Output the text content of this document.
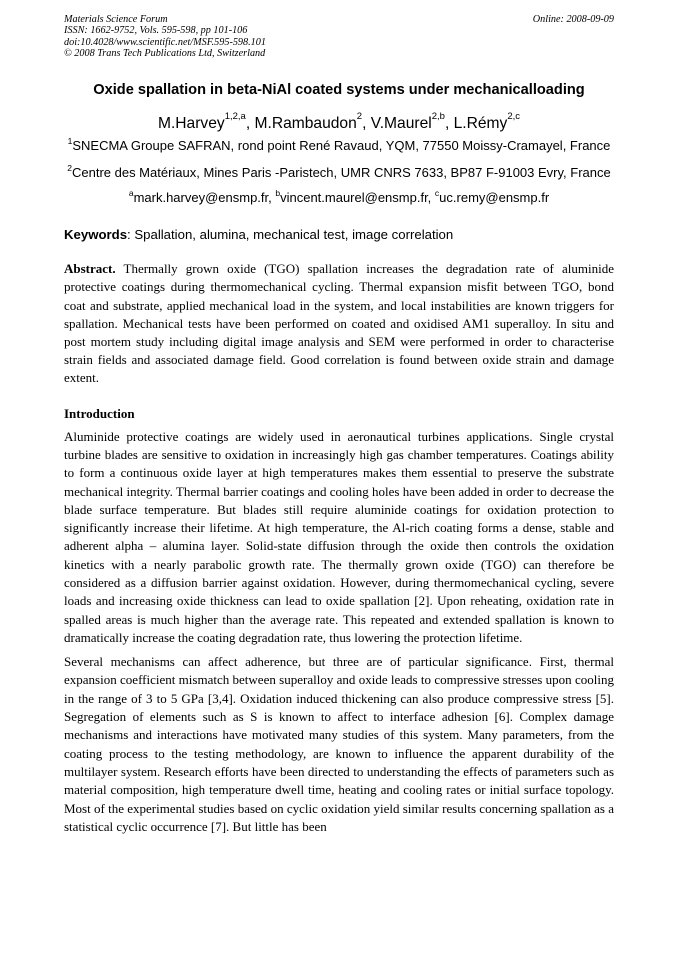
Materials Science Forum
ISSN: 1662-9752, Vols. 595-598, pp 101-106
doi:10.4028/www.scientific.net/MSF.595-598.101
© 2008 Trans Tech Publications Ltd, Switzerland
Online: 2008-09-09
Oxide spallation in beta-NiAl coated systems under mechanicalloading
M.Harvey$^{1,2,a}$, M.Rambaudon$^2$, V.Maurel$^{2,b}$, L.Rémy$^{2,c}$
$^1$SNECMA Groupe SAFRAN, rond point René Ravaud, YQM, 77550 Moissy-Cramayel, France
$^2$Centre des Matériaux, Mines Paris -Paristech, UMR CNRS 7633, BP87 F-91003 Evry, France
$^a$mark.harvey@ensmp.fr, $^b$vincent.maurel@ensmp.fr, $^c$uc.remy@ensmp.fr
Keywords: Spallation, alumina, mechanical test, image correlation
Abstract. Thermally grown oxide (TGO) spallation increases the degradation rate of aluminide protective coatings during thermomechanical cycling. Thermal expansion misfit between TGO, bond coat and substrate, applied mechanical load in the system, and local instabilities are known triggers for spallation. Mechanical tests have been performed on coated and oxidised AM1 superalloy. In situ and post mortem study including digital image analysis and SEM were performed in order to characterise strain fields and associated damage field. Good correlation is found between oxide strain and damage extent.
Introduction

Aluminide protective coatings are widely used in aeronautical turbines applications. Single crystal turbine blades are sensitive to oxidation in increasingly high gas chamber temperatures. Coatings ability to form a continuous oxide layer at high temperatures makes them essential to preserve the substrate mechanical integrity. Thermal barrier coatings and cooling holes have been added in order to decrease the blade surface temperature. But blades still require aluminide coatings for oxidation protection to significantly increase their lifetime. At high temperature, the Al-rich coating forms a dense, stable and adherent alpha – alumina layer. Solid-state diffusion through the oxide then controls the oxidation kinetics with a nearly parabolic growth rate. The thermally grown oxide (TGO) can therefore be considered as a diffusion barrier against oxidation. However, during thermomechanical cycling, severe loads and increasing oxide thickness can lead to oxide spallation [2]. Upon reheating, oxidation rate in spalled areas is much higher than the average rate. This repeated and extended spallation is known to dramatically increase the coating degradation rate, thus lowering the protection lifetime.

Several mechanisms can affect adherence, but three are of particular significance. First, thermal expansion coefficient mismatch between superalloy and oxide leads to compressive stresses upon cooling in the range of 3 to 5 GPa [3,4]. Oxidation induced thickening can also produce compressive stress [5]. Segregation of elements such as S is known to affect to interface adhesion [6]. Complex damage mechanisms and interactions have motivated many studies of this system. Many parameters, from the coating process to the testing methodology, are known to influence the apparent durability of the multilayer system. Research efforts have been directed to understanding the effects of parameters such as material composition, high temperature dwell time, heating and cooling rates or initial surface topology. Most of the experimental studies based on cyclic oxidation yield similar results concerning spallation as a statistical cyclic occurrence [7]. But little has been
